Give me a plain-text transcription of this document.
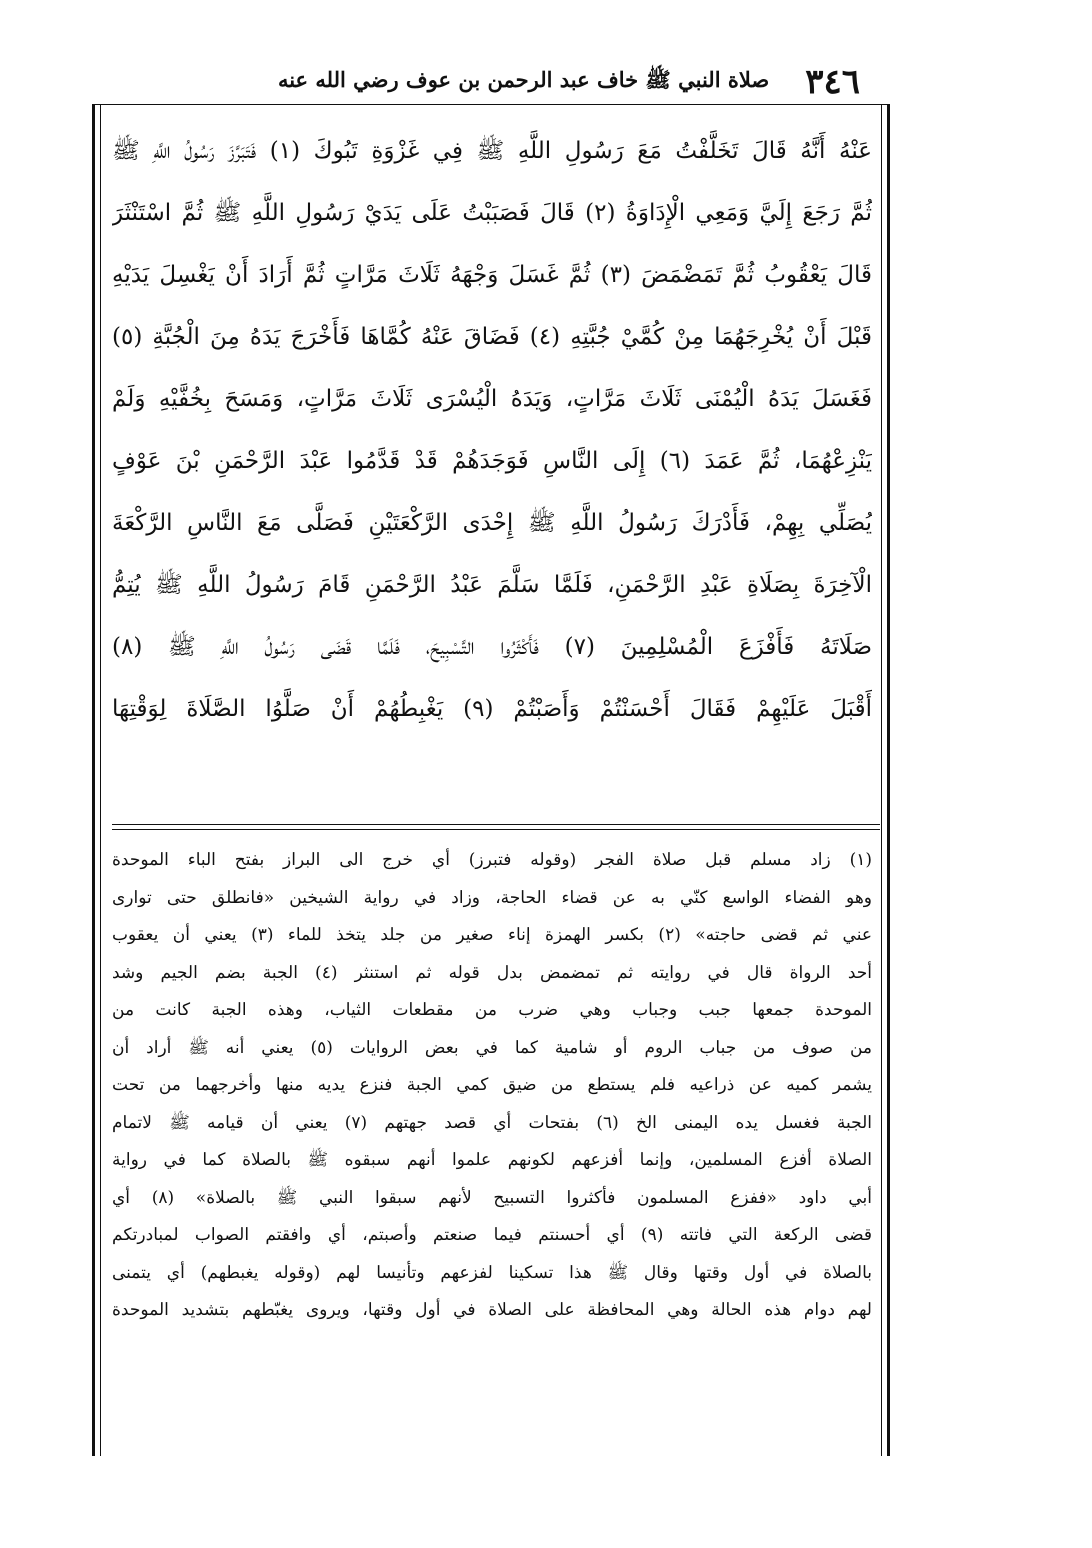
٣٤٦
صلاة النبي ﷺ خاف عبد الرحمن بن عوف رضي الله عنه
عَنْهُ أَنَّهُ قَالَ تَخَلَّفْتُ مَعَ رَسُولِ اللَّهِ ﷺ فِي غَزْوَةِ تَبُوكَ (١) فَتَبَرَّزَ رَسُولُ اللَّهِ ﷺ
ثُمَّ رَجَعَ إِلَيَّ وَمَعِي الْإِدَاوَةُ (٢) قَالَ فَصَبَبْتُ عَلَى يَدَيْ رَسُولِ اللَّهِ ﷺ ثُمَّ اسْتَنْثَرَ
قَالَ يَعْقُوبُ ثُمَّ تَمَضْمَضَ (٣) ثُمَّ غَسَلَ وَجْهَهُ ثَلَاثَ مَرَّاتٍ ثُمَّ أَرَادَ أَنْ يَغْسِلَ يَدَيْهِ
قَبْلَ أَنْ يُخْرِجَهُمَا مِنْ كُمَّيْ جُبَّتِهِ (٤) فَضَاقَ عَنْهُ كُمَّاهَا فَأَخْرَجَ يَدَهُ مِنَ الْجُبَّةِ (٥)
فَغَسَلَ يَدَهُ الْيُمْنَى ثَلَاثَ مَرَّاتٍ، وَيَدَهُ الْيُسْرَى ثَلَاثَ مَرَّاتٍ، وَمَسَحَ بِخُفَّيْهِ وَلَمْ
يَنْزِعْهُمَا، ثُمَّ عَمَدَ (٦) إِلَى النَّاسِ فَوَجَدَهُمْ قَدْ قَدَّمُوا عَبْدَ الرَّحْمَنِ بْنَ عَوْفٍ
يُصَلِّي بِهِمْ، فَأَدْرَكَ رَسُولُ اللَّهِ ﷺ إِحْدَى الرَّكْعَتَيْنِ فَصَلَّى مَعَ النَّاسِ الرَّكْعَةَ
الْآخِرَةَ بِصَلَاةِ عَبْدِ الرَّحْمَنِ، فَلَمَّا سَلَّمَ عَبْدُ الرَّحْمَنِ قَامَ رَسُولُ اللَّهِ ﷺ يُتِمُّ
صَلَاتَهُ فَأَفْزَعَ الْمُسْلِمِينَ (٧) فَأَكْثَرُوا التَّسْبِيحَ، فَلَمَّا قَضَى رَسُولُ اللَّهِ ﷺ (٨)
أَقْبَلَ عَلَيْهِمْ فَقَالَ أَحْسَنْتُمْ وَأَصَبْتُمْ (٩) يَغْبِطُهُمْ أَنْ صَلَّوُا الصَّلَاةَ لِوَقْتِهَا
(١) زاد مسلم قبل صلاة الفجر (وقوله فتبرز) أي خرج الى البراز بفتح الباء الموحدة
وهو الفضاء الواسع كنّي به عن قضاء الحاجة، وزاد في رواية الشيخين «فانطلق حتى توارى
عني ثم قضى حاجته» (٢) بكسر الهمزة إناء صغير من جلد يتخذ للماء (٣) يعني أن يعقوب
أحد الرواة قال في روايته ثم تمضمض بدل قوله ثم استنثر (٤) الجبة بضم الجيم وشد
الموحدة جمعها جبب وجباب وهي ضرب من مقطعات الثياب، وهذه الجبة كانت من
من صوف من جباب الروم أو شامية كما في بعض الروايات (٥) يعني أنه ﷺ أراد أن
يشمر كميه عن ذراعيه فلم يستطع من ضيق كمي الجبة فنزع يديه منها وأخرجهما من تحت
الجبة فغسل يده اليمنى الخ (٦) بفتحات أي قصد جهتهم (٧) يعني أن قيامه ﷺ لاتمام
الصلاة أفزع المسلمين، وإنما أفزعهم لكونهم علموا أنهم سبقوه ﷺ بالصلاة كما في رواية
أبي داود «ففزع المسلمون فأكثروا التسبيح لأنهم سبقوا النبي ﷺ بالصلاة» (٨) أي
قضى الركعة التي فاتته (٩) أي أحسنتم فيما صنعتم وأصبتم، أي وافقتم الصواب لمبادرتكم
بالصلاة في أول وقتها وقال ﷺ هذا تسكينا لفزعهم وتأنيسا لهم (وقوله يغبطهم) أي يتمنى
لهم دوام هذه الحالة وهي المحافظة على الصلاة في أول وقتها، ويروى يغبّطهم بتشديد الموحدة
